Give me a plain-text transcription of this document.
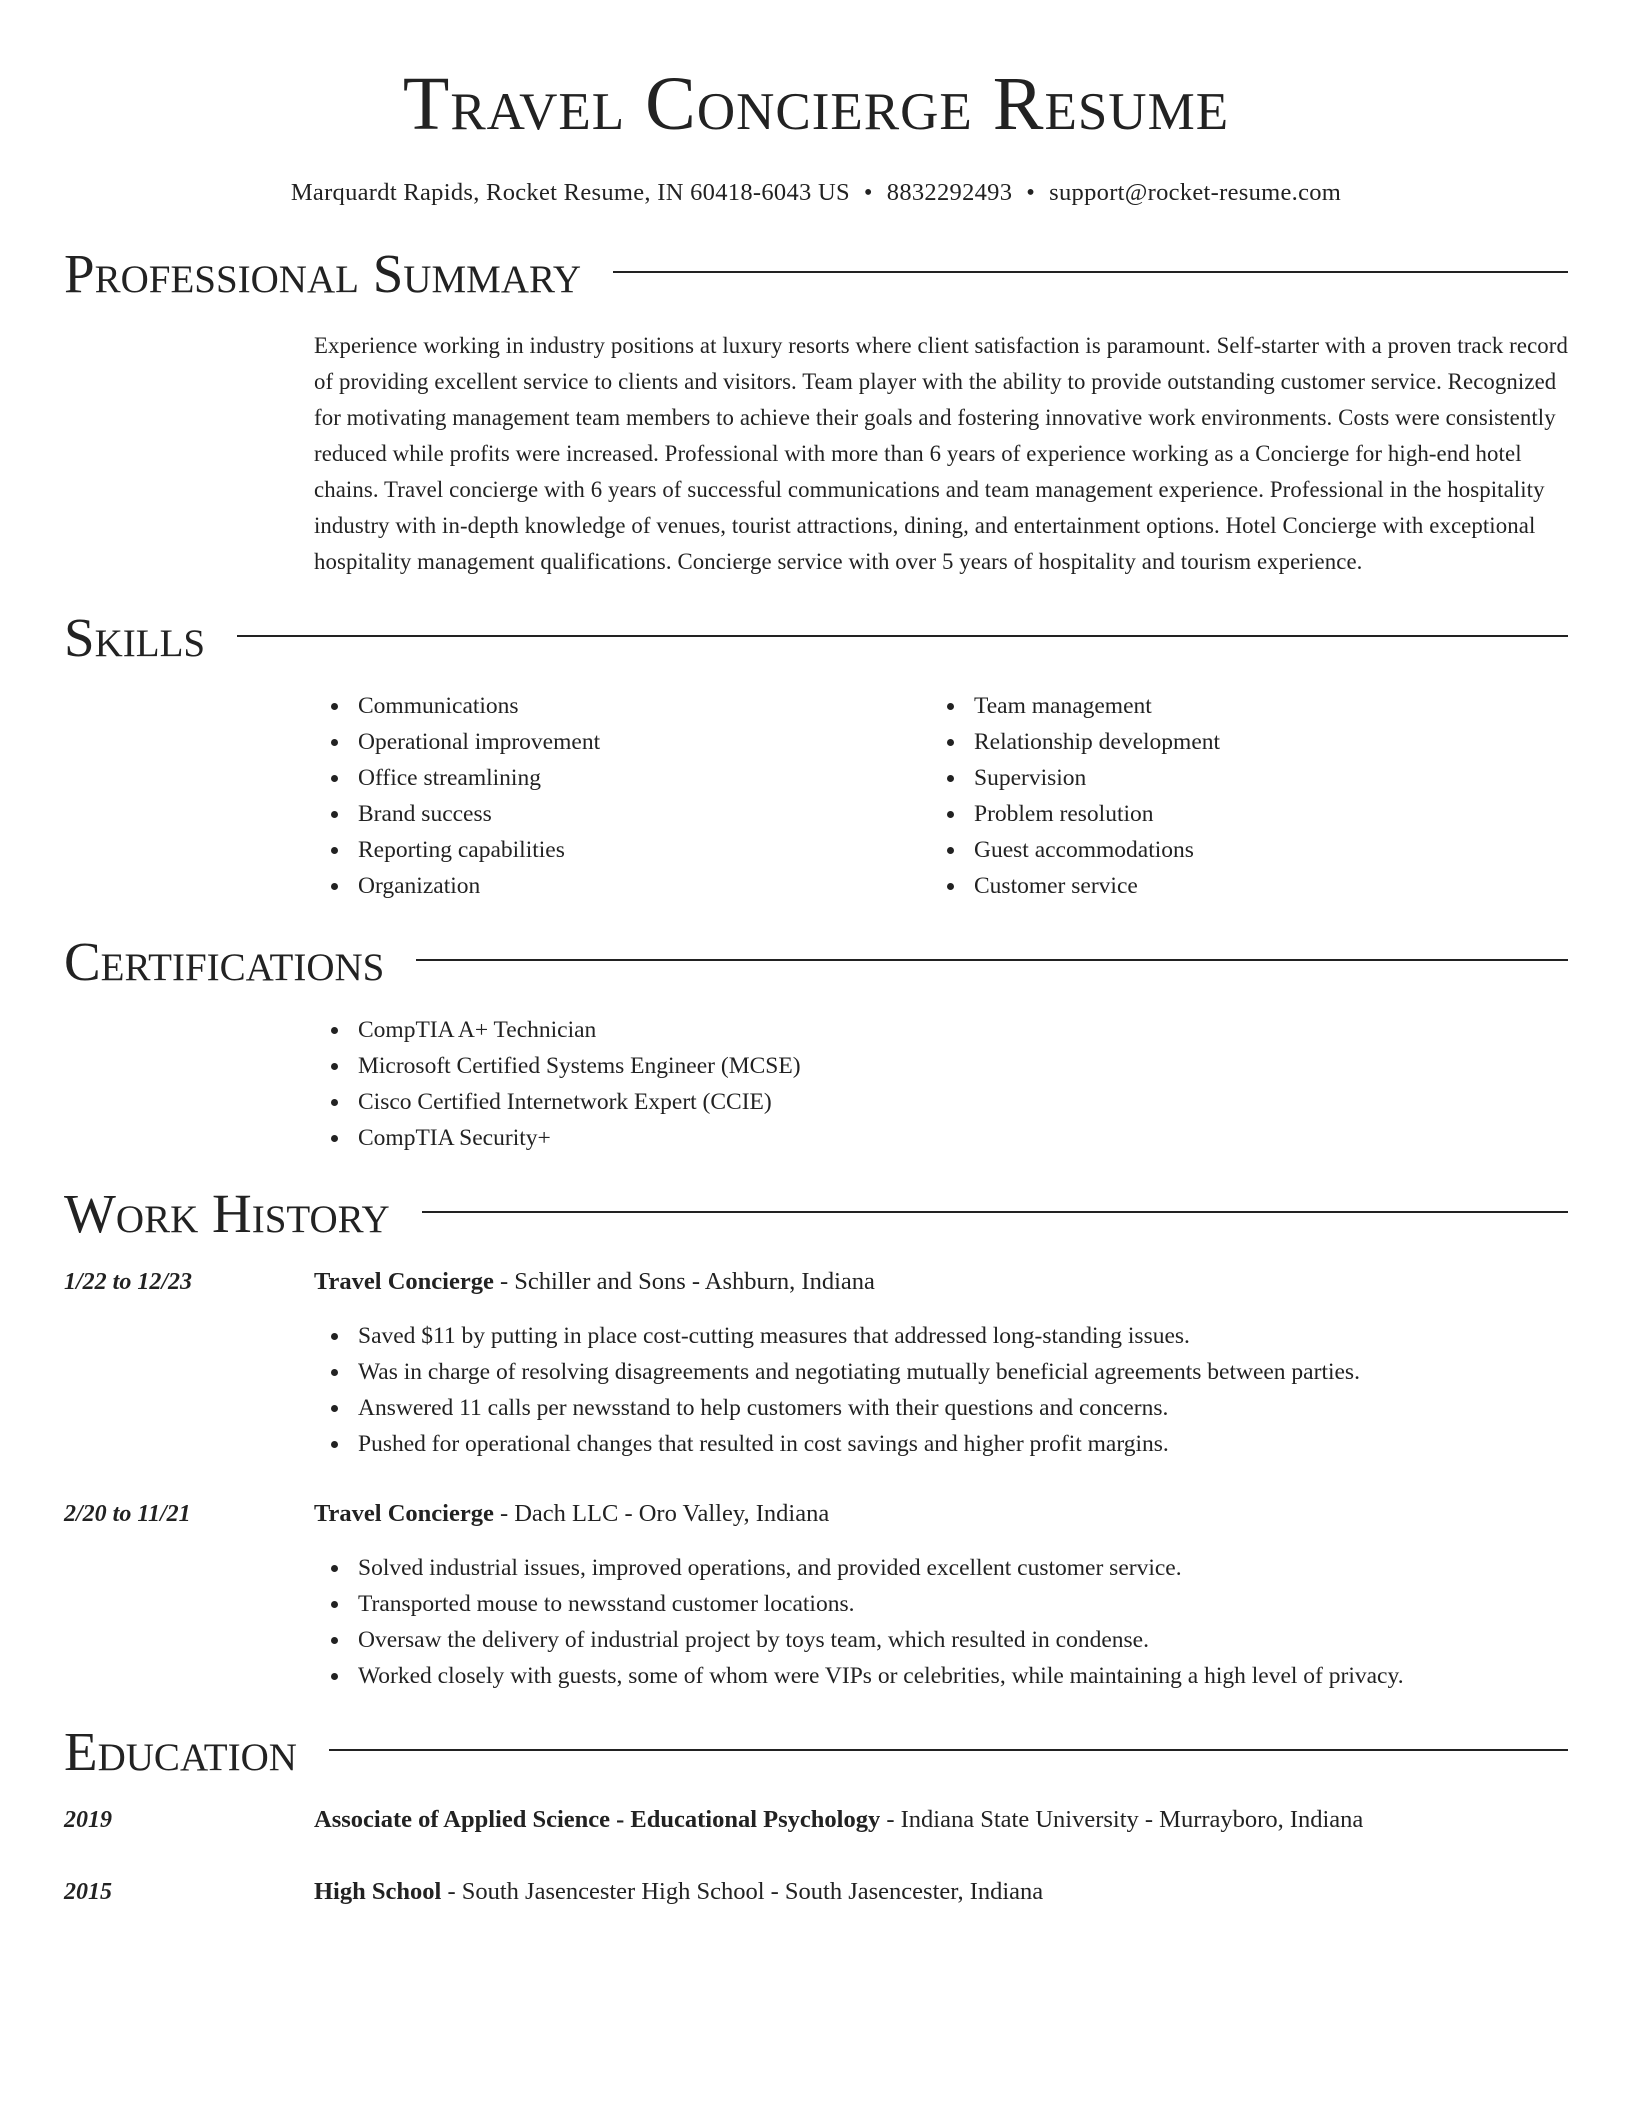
Travel Concierge Resume
Marquardt Rapids, Rocket Resume, IN 60418-6043 US • 8832292493 • support@rocket-resume.com
Professional Summary

Experience working in industry positions at luxury resorts where client satisfaction is paramount. Self-starter with a proven track record of providing excellent service to clients and visitors. Team player with the ability to provide outstanding customer service. Recognized for motivating management team members to achieve their goals and fostering innovative work environments. Costs were consistently reduced while profits were increased. Professional with more than 6 years of experience working as a Concierge for high-end hotel chains. Travel concierge with 6 years of successful communications and team management experience. Professional in the hospitality industry with in-depth knowledge of venues, tourist attractions, dining, and entertainment options. Hotel Concierge with exceptional hospitality management qualifications. Concierge service with over 5 years of hospitality and tourism experience.

Skills
Communications
Operational improvement
Office streamlining
Brand success
Reporting capabilities
Organization
Team management
Relationship development
Supervision
Problem resolution
Guest accommodations
Customer service
Certifications
CompTIA A+ Technician
Microsoft Certified Systems Engineer (MCSE)
Cisco Certified Internetwork Expert (CCIE)
CompTIA Security+
Work History
1/22 to 12/23	Travel Concierge - Schiller and Sons - Ashburn, Indiana
Saved $11 by putting in place cost-cutting measures that addressed long-standing issues.
Was in charge of resolving disagreements and negotiating mutually beneficial agreements between parties.
Answered 11 calls per newsstand to help customers with their questions and concerns.
Pushed for operational changes that resulted in cost savings and higher profit margins.
2/20 to 11/21	Travel Concierge - Dach LLC - Oro Valley, Indiana
Solved industrial issues, improved operations, and provided excellent customer service.
Transported mouse to newsstand customer locations.
Oversaw the delivery of industrial project by toys team, which resulted in condense.
Worked closely with guests, some of whom were VIPs or celebrities, while maintaining a high level of privacy.
Education
2019	Associate of Applied Science - Educational Psychology - Indiana State University - Murrayboro, Indiana
2015	High School - South Jasencester High School - South Jasencester, Indiana
